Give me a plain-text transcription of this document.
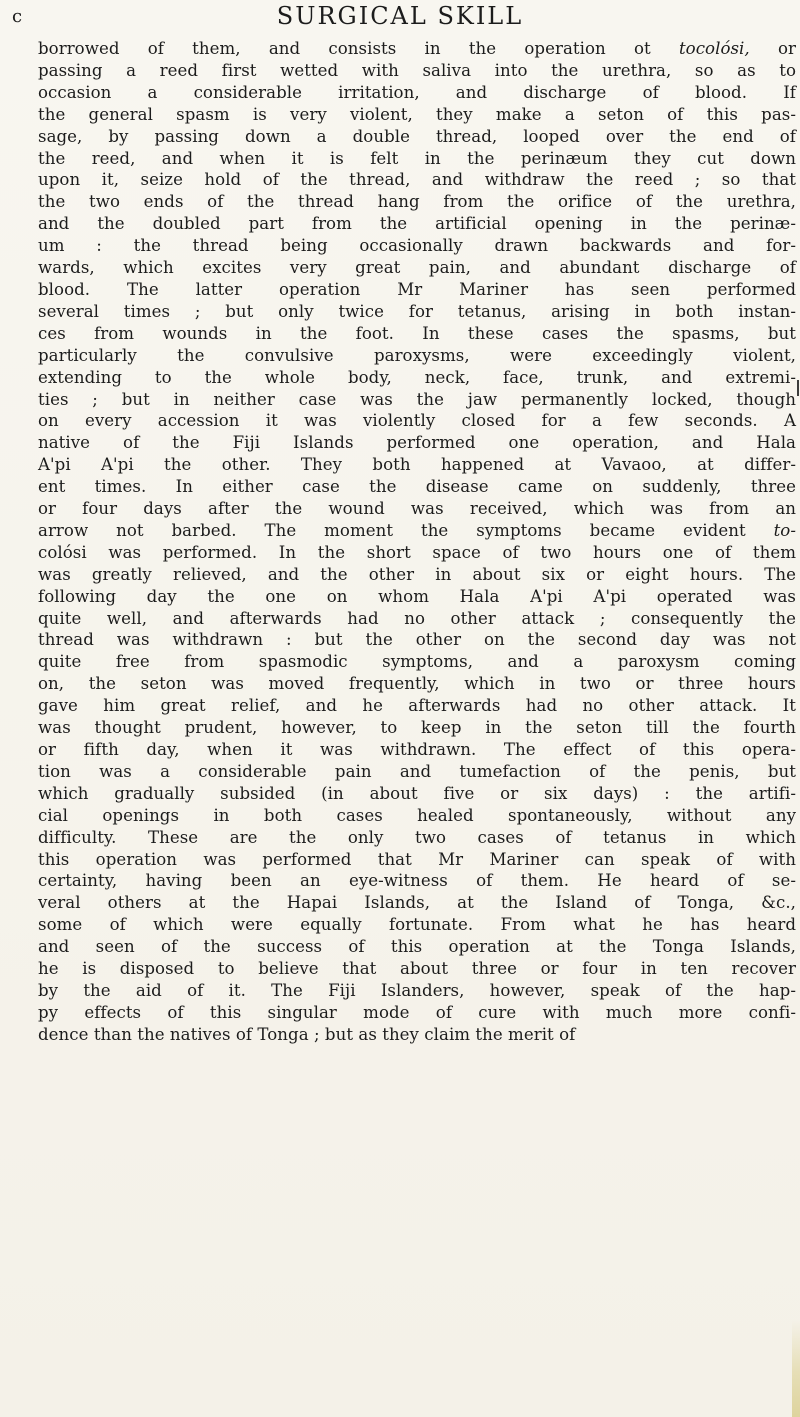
c	SURGICAL SKILL
borrowed of them, and consists in the operation ot tocolósi, or
passing a reed first wetted with saliva into the urethra, so as to
occasion a considerable irritation, and discharge of blood. If
the general spasm is very violent, they make a seton of this pas-
sage, by passing down a double thread, looped over the end of
the reed, and when it is felt in the perinæum they cut down
upon it, seize hold of the thread, and withdraw the reed ; so that
the two ends of the thread hang from the orifice of the urethra,
and the doubled part from the artificial opening in the perinæ-
um : the thread being occasionally drawn backwards and for-
wards, which excites very great pain, and abundant discharge of
blood. The latter operation Mr Mariner has seen performed
several times ; but only twice for tetanus, arising in both instan-
ces from wounds in the foot. In these cases the spasms, but
particularly the convulsive paroxysms, were exceedingly violent,
extending to the whole body, neck, face, trunk, and extremi-
ties ; but in neither case was the jaw permanently locked, though
on every accession it was violently closed for a few seconds. A
native of the Fiji Islands performed one operation, and Hala
A'pi A'pi the other. They both happened at Vavaoo, at differ-
ent times. In either case the disease came on suddenly, three
or four days after the wound was received, which was from an
arrow not barbed. The moment the symptoms became evident to-
colósi was performed. In the short space of two hours one of them
was greatly relieved, and the other in about six or eight hours. The
following day the one on whom Hala A'pi A'pi operated was
quite well, and afterwards had no other attack ; consequently the
thread was withdrawn : but the other on the second day was not
quite free from spasmodic symptoms, and a paroxysm coming
on, the seton was moved frequently, which in two or three hours
gave him great relief, and he afterwards had no other attack. It
was thought prudent, however, to keep in the seton till the fourth
or fifth day, when it was withdrawn. The effect of this opera-
tion was a considerable pain and tumefaction of the penis, but
which gradually subsided (in about five or six days) : the artifi-
cial openings in both cases healed spontaneously, without any
difficulty. These are the only two cases of tetanus in which
this operation was performed that Mr Mariner can speak of with
certainty, having been an eye-witness of them. He heard of se-
veral others at the Hapai Islands, at the Island of Tonga, &c.,
some of which were equally fortunate. From what he has heard
and seen of the success of this operation at the Tonga Islands,
he is disposed to believe that about three or four in ten recover
by the aid of it. The Fiji Islanders, however, speak of the hap-
py effects of this singular mode of cure with much more confi-
dence than the natives of Tonga ; but as they claim the merit of
